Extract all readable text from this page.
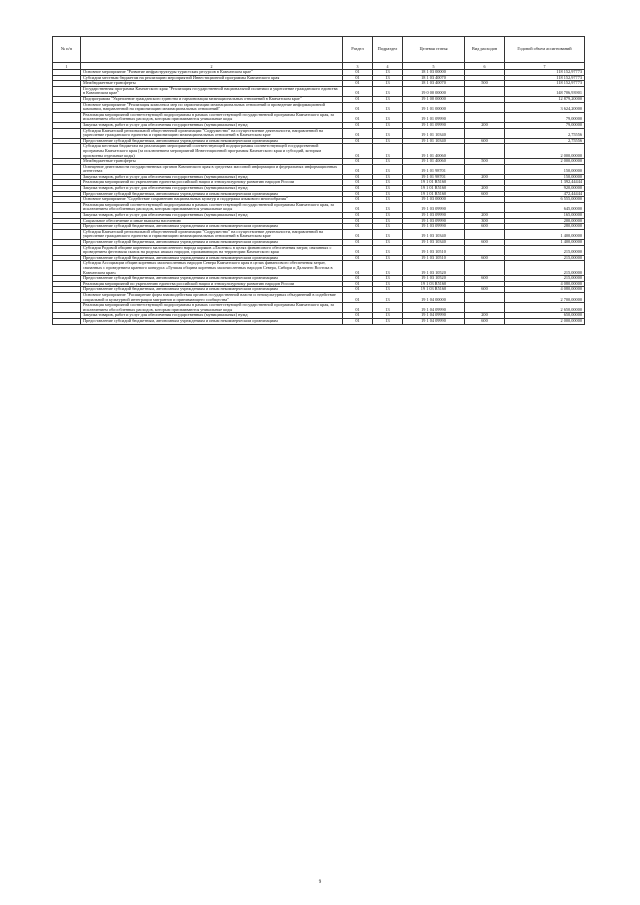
№ п/п		Раздел	Подраздел	Целевая статья	Вид расходов	Годовой объем ассигнований
1	2	3	4	5	6	7
	Основное мероприятие "Развитие инфраструктуры туристских ресурсов в Камчатском крае"	01	13	18 1 03 00000		118 152,97773
	Субсидии местным бюджетам на реализацию мероприятий Инвестиционной программы Камчатского края	01	13	18 1 03 40070		118 152,97773
	Межбюджетные трансферты	01	13	18 1 03 40070	500	118 152,97773
	Государственная программа Камчатского края "Реализация государственной национальной политики и укрепление гражданского единства в Камчатском крае"	01	13	19 0 00 00000		148 706,93901
	Подпрограмма "Укрепление гражданского единства и гармонизация межнациональных отношений в Камчатском крае"	01	13	19 1 00 00000		12 879,20000
	Основное мероприятие "Реализация комплекса мер по гармонизации межнациональных отношений и проведение информационной кампании, направленной на гармонизацию межнациональных отношений"	01	13	19 1 01 00000		3 624,20000
	Реализация мероприятий соответствующей подпрограммы в рамках соответствующей государственной программы Камчатского края, за исключением обособленных расходов, которым присваиваются уникальные коды	01	13	19 1 01 09990		79,00000
	Закупка товаров, работ и услуг для обеспечения государственных (муниципальных) нужд	01	13	19 1 01 09990	200	79,00000
	Субсидия Камчатской региональной общественной организации "Содружество" на осуществление деятельности, направленной на укрепление гражданского единства и гармонизацию межнациональных отношений в Камчатском крае	01	13	19 1 01 10340		2,75556
	Предоставление субсидий бюджетным, автономным учреждениям и иным некоммерческим организациям	01	13	19 1 01 10340	600	2,75556
	Субсидия местным бюджетам на реализацию мероприятий соответствующей подпрограммы соответствующей государственной программы Камчатского края (за исключением мероприятий Инвестиционной программы Камчатского края и субсидий, которым присвоены отдельные коды)	01	13	19 1 01 40060		2 000,00000
	Межбюджетные трансферты	01	13	19 1 01 40060	500	2 000,00000
	Освещение деятельности государственных органов Камчатского края в средствах массовой информации и федеральных информационных агентствах	01	13	19 1 01 98701		150,00000
	Закупка товаров, работ и услуг для обеспечения государственных (муниципальных) нужд	01	13	19 1 01 98701	200	150,00000
	Реализация мероприятий по укреплению единства российской нации и этнокультурному развитию народов России	01	13	19 1 01 R5160		1 392,44444
	Закупка товаров, работ и услуг для обеспечения государственных (муниципальных) нужд	01	13	19 1 01 R5160	200	920,00000
	Предоставление субсидий бюджетным, автономным учреждениям и иным некоммерческим организациям	01	13	19 1 01 R5160	600	472,44444
	Основное мероприятие "Содействие сохранению национальных культур и поддержка языкового многообразия"	01	13	19 1 03 00000		6 555,00000
	Реализация мероприятий соответствующей подпрограммы в рамках соответствующей государственной программы Камчатского края, за исключением обособленных расходов, которым присваиваются уникальные коды	01	13	19 1 03 09990		645,00000
	Закупка товаров, работ и услуг для обеспечения государственных (муниципальных) нужд	01	13	19 1 03 09990	200	165,00000
	Социальное обеспечение и иные выплаты населению	01	13	19 1 03 09990	300	200,00000
	Предоставление субсидий бюджетным, автономным учреждениям и иным некоммерческим организациям	01	13	19 1 03 09990	600	280,00000
	Субсидия Камчатской региональной общественной организации "Содружество" на осуществление деятельности, направленной на укрепление гражданского единства и гармонизацию межнациональных отношений в Камчатском крае	01	13	19 1 03 10340		1 400,00000
	Предоставление субсидий бюджетным, автономным учреждениям и иным некоммерческим организациям	01	13	19 1 03 10340	600	1 400,00000
	Субсидия Родовой общине коренного малочисленного народа коряков «Ласенко» в целях финансового обеспечения затрат, связанных с проведением фестиваля сказок на родных языках народов, проживающих на территории Камчатского края	01	13	19 1 03 10510		215,00000
	Предоставление субсидий бюджетным, автономным учреждениям и иным некоммерческим организациям	01	13	19 1 03 10510	600	215,00000
	Субсидия Ассоциации общин коренных малочисленных народов Севера Камчатского края в целях финансового обеспечения затрат, связанных с проведением краевого конкурса «Лучшая община коренных малочисленных народов Севера, Сибири и Дальнего Востока в Камчатском крае»	01	13	19 1 03 10520		215,00000
	Предоставление субсидий бюджетным, автономным учреждениям и иным некоммерческим организациям	01	13	19 1 03 10520	600	215,00000
	Реализация мероприятий по укреплению единства российской нации и этнокультурному развитию народов России	01	13	19 1 03 R5160		4 080,00000
	Предоставление субсидий бюджетным, автономным учреждениям и иным некоммерческим организациям	01	13	19 1 03 R5160	600	4 080,00000
	Основное мероприятие "Расширение форм взаимодействия органов государственной власти и этнокультурных объединений в содействие социальной и культурной интеграции мигрантов и принимающего сообщества"	01	13	19 1 04 00000		2 700,00000
	Реализация мероприятий соответствующей подпрограммы в рамках соответствующей государственной программы Камчатского края, за исключением обособленных расходов, которым присваиваются уникальные коды	01	13	19 1 04 09990		2 650,00000
	Закупка товаров, работ и услуг для обеспечения государственных (муниципальных) нужд	01	13	19 1 04 09990	200	650,00000
	Предоставление субсидий бюджетным, автономным учреждениям и иным некоммерческим организациям	01	13	19 1 04 09990	600	2 000,00000
9
